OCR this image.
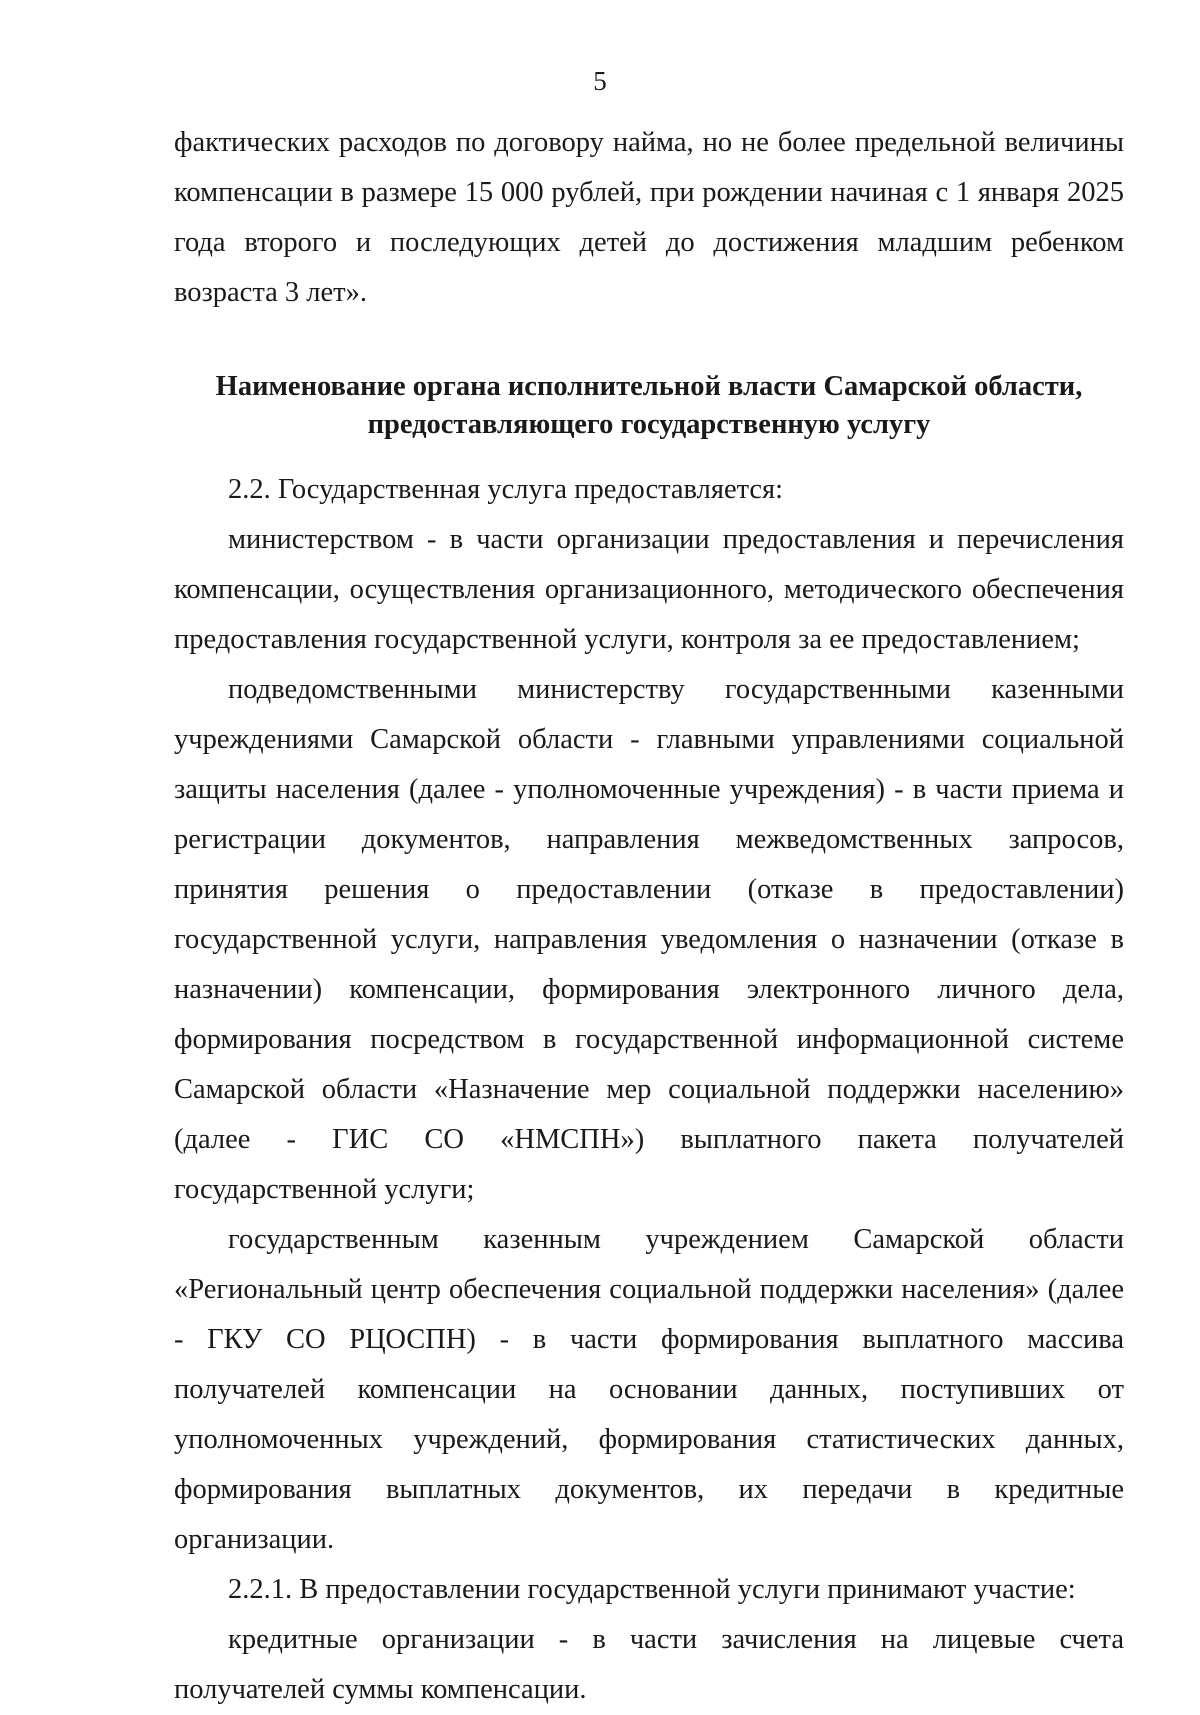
5

фактических расходов по договору найма, но не более предельной величины компенсации в размере 15 000 рублей, при рождении начиная с 1 января 2025 года второго и последующих детей до достижения младшим ребенком возраста 3 лет».

Наименование органа исполнительной власти Самарской области,
предоставляющего государственную услугу

2.2. Государственная услуга предоставляется:

министерством - в части организации предоставления и перечисления компенсации, осуществления организационного, методического обеспечения предоставления государственной услуги, контроля за ее предоставлением;

подведомственными министерству государственными казенными учреждениями Самарской области - главными управлениями социальной защиты населения (далее - уполномоченные учреждения) - в части приема и регистрации документов, направления межведомственных запросов, принятия решения о предоставлении (отказе в предоставлении) государственной услуги, направления уведомления о назначении (отказе в назначении) компенсации, формирования электронного личного дела, формирования посредством в государственной информационной системе Самарской области «Назначение мер социальной поддержки населению» (далее - ГИС СО «НМСПН») выплатного пакета получателей государственной услуги;

государственным казенным учреждением Самарской области «Региональный центр обеспечения социальной поддержки населения» (далее - ГКУ СО РЦОСПН) - в части формирования выплатного массива получателей компенсации на основании данных, поступивших от уполномоченных учреждений, формирования статистических данных, формирования выплатных документов, их передачи в кредитные организации.

2.2.1. В предоставлении государственной услуги принимают участие:

кредитные организации - в части зачисления на лицевые счета получателей суммы компенсации.
